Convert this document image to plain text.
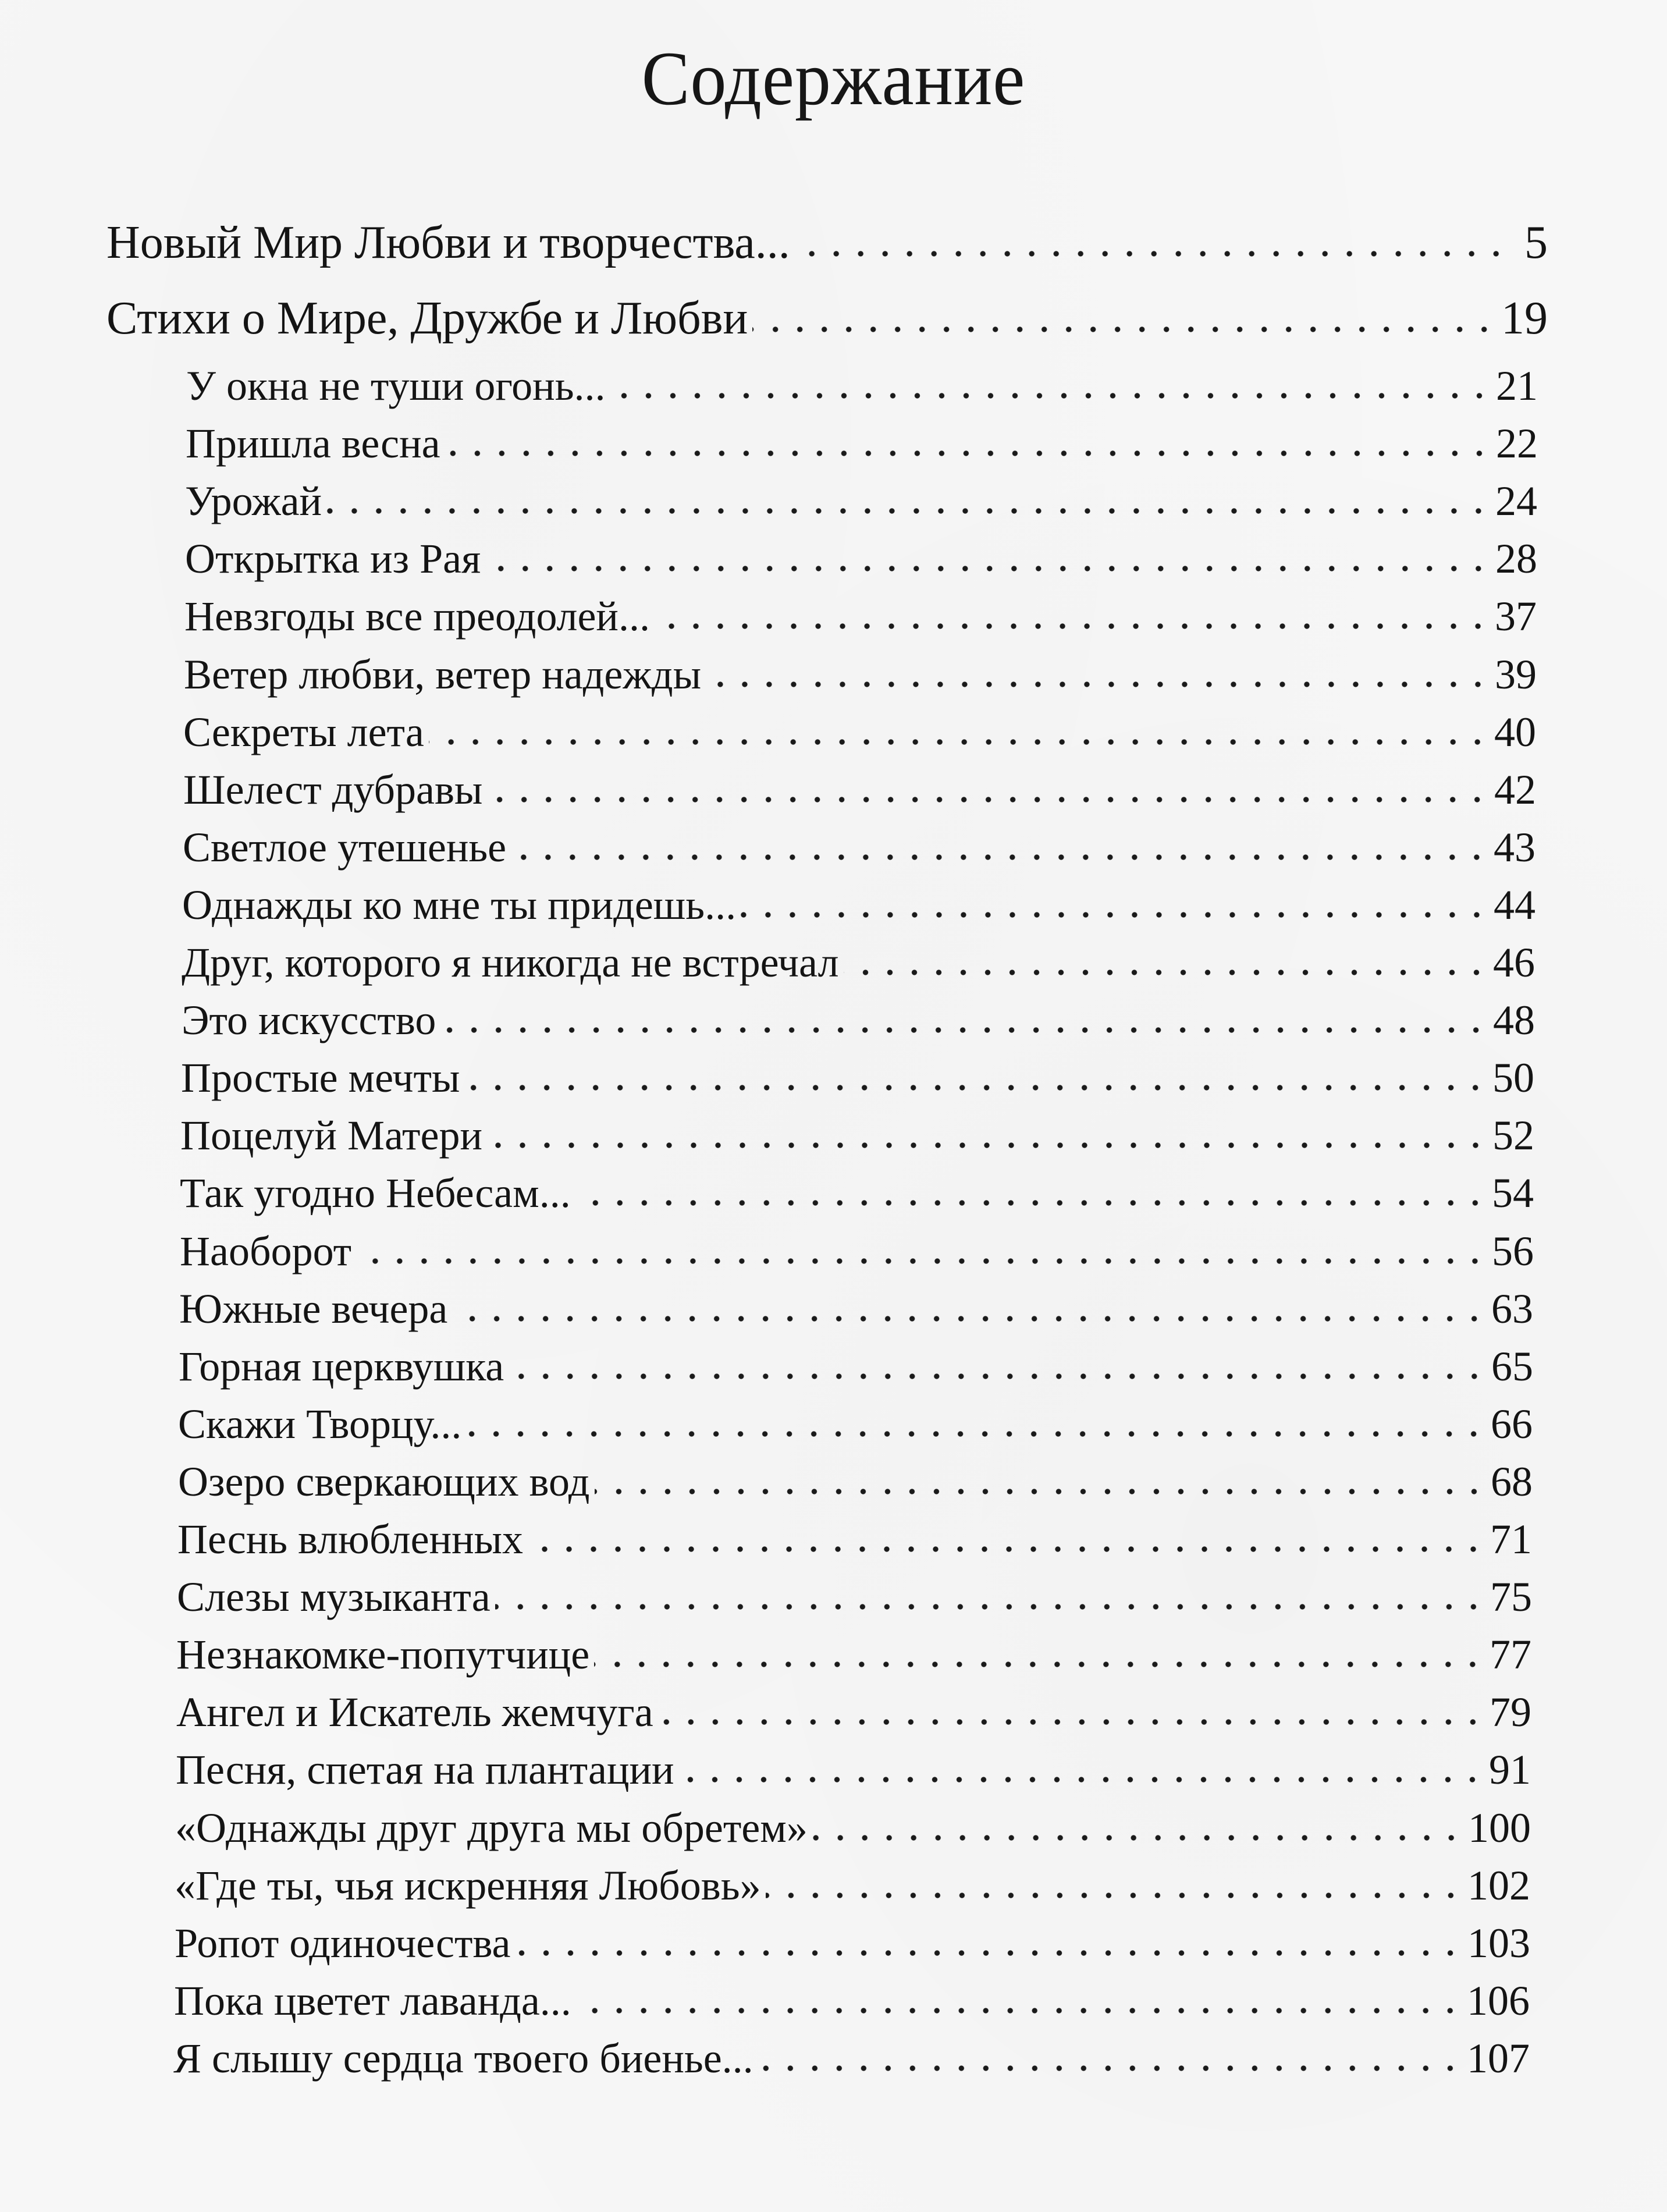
Содержание
Новый Мир Любви и творчества...	5
Стихи о Мире, Дружбе и Любви	19
У окна не туши огонь...	21
Пришла весна	22
Урожай	24
Открытка из Рая	28
Невзгоды все преодолей...	37
Ветер любви, ветер надежды	39
Секреты лета	40
Шелест дубравы	42
Светлое утешенье	43
Однажды ко мне ты придешь...	44
Друг, которого я никогда не встречал	46
Это искусство	48
Простые мечты	50
Поцелуй Матери	52
Так угодно Небесам...	54
Наоборот	56
Южные вечера	63
Горная церквушка	65
Скажи Творцу...	66
Озеро сверкающих вод	68
Песнь влюбленных	71
Слезы музыканта	75
Незнакомке-попутчице	77
Ангел и Искатель жемчуга	79
Песня, спетая на плантации	91
«Однажды друг друга мы обретем»	100
«Где ты, чья искренняя Любовь»	102
Ропот одиночества	103
Пока цветет лаванда...	106
Я слышу сердца твоего биенье...	107
